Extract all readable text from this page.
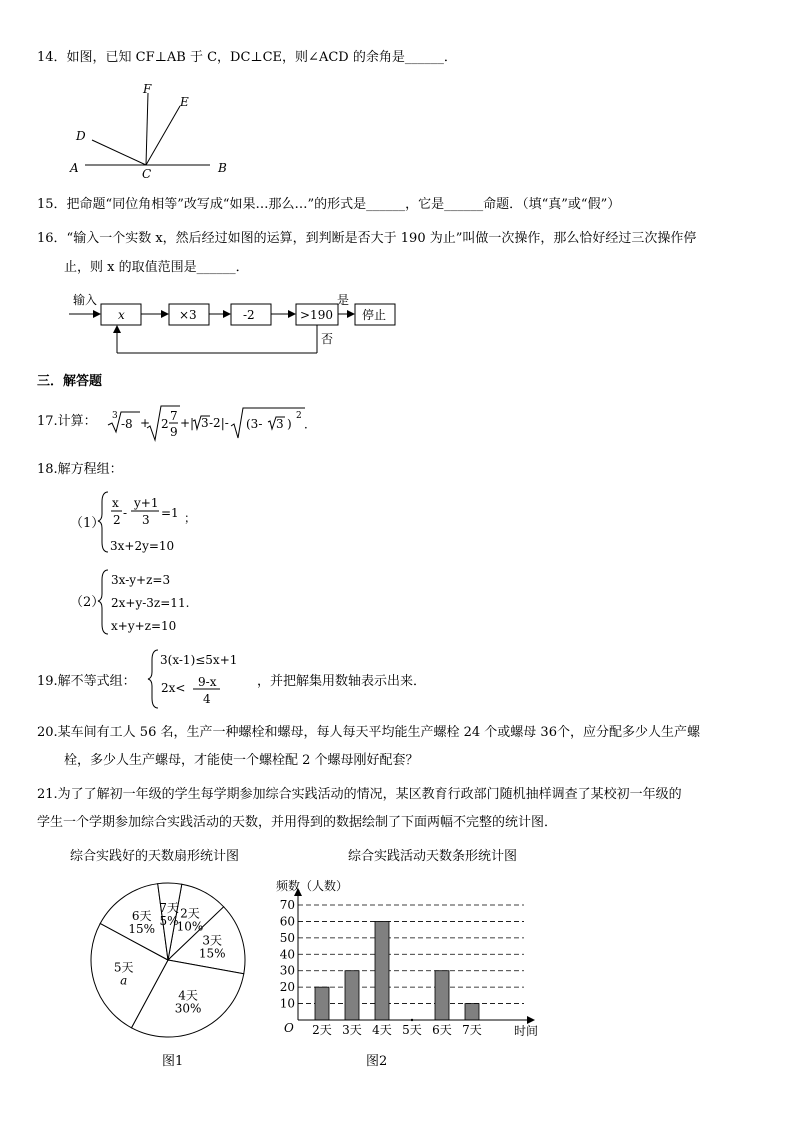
14．如图，已知 CF⊥AB 于 C，DC⊥CE，则∠ACD 的余角是______．
F
E
D
A	C	B
15．把命题“同位角相等”改写成“如果…那么…”的形式是______，它是______命题．（填“真”或“假”）
16．“输入一个实数 x，然后经过如图的运算，到判断是否大于 190 为止”叫做一次操作，那么恰好经过三次操作停
止，则 x 的取值范围是______．
输入
x	×3	-2	>190
是
停止
否
三．解答题
17.计算： 3
-8 + 2
7
9
+| 3 -2|- (3- 3 )
2
．
18.解方程组：
（1）
x
2 -
y+1
3 =1 ；
3x+2y=10
（2）
3x-y+z=3
2x+y-3z=11.
x+y+z=10
19.解不等式组：
3(x-1)≤5x+1
2x< 9-x
4
，并把解集用数轴表示出来．
20.某车间有工人 56 名，生产一种螺栓和螺母，每人每天平均能生产螺栓 24 个或螺母 36个，应分配多少人生产螺
栓，多少人生产螺母，才能使一个螺栓配 2 个螺母刚好配套？
21.为了了解初一年级的学生每学期参加综合实践活动的情况，某区教育行政部门随机抽样调查了某校初一年级的
学生一个学期参加综合实践活动的天数，并用得到的数据绘制了下面两幅不完整的统计图．
综合实践好的天数扇形统计图
2天
10%
3天
15%
4天
30%
5天
a
6天
15%
7天
5%
图1
综合实践活动天数条形统计图
频数（人数）
10
20
30
40
50
60
70
2天 3天 4天 5天 6天 7天
O	时间
图2
